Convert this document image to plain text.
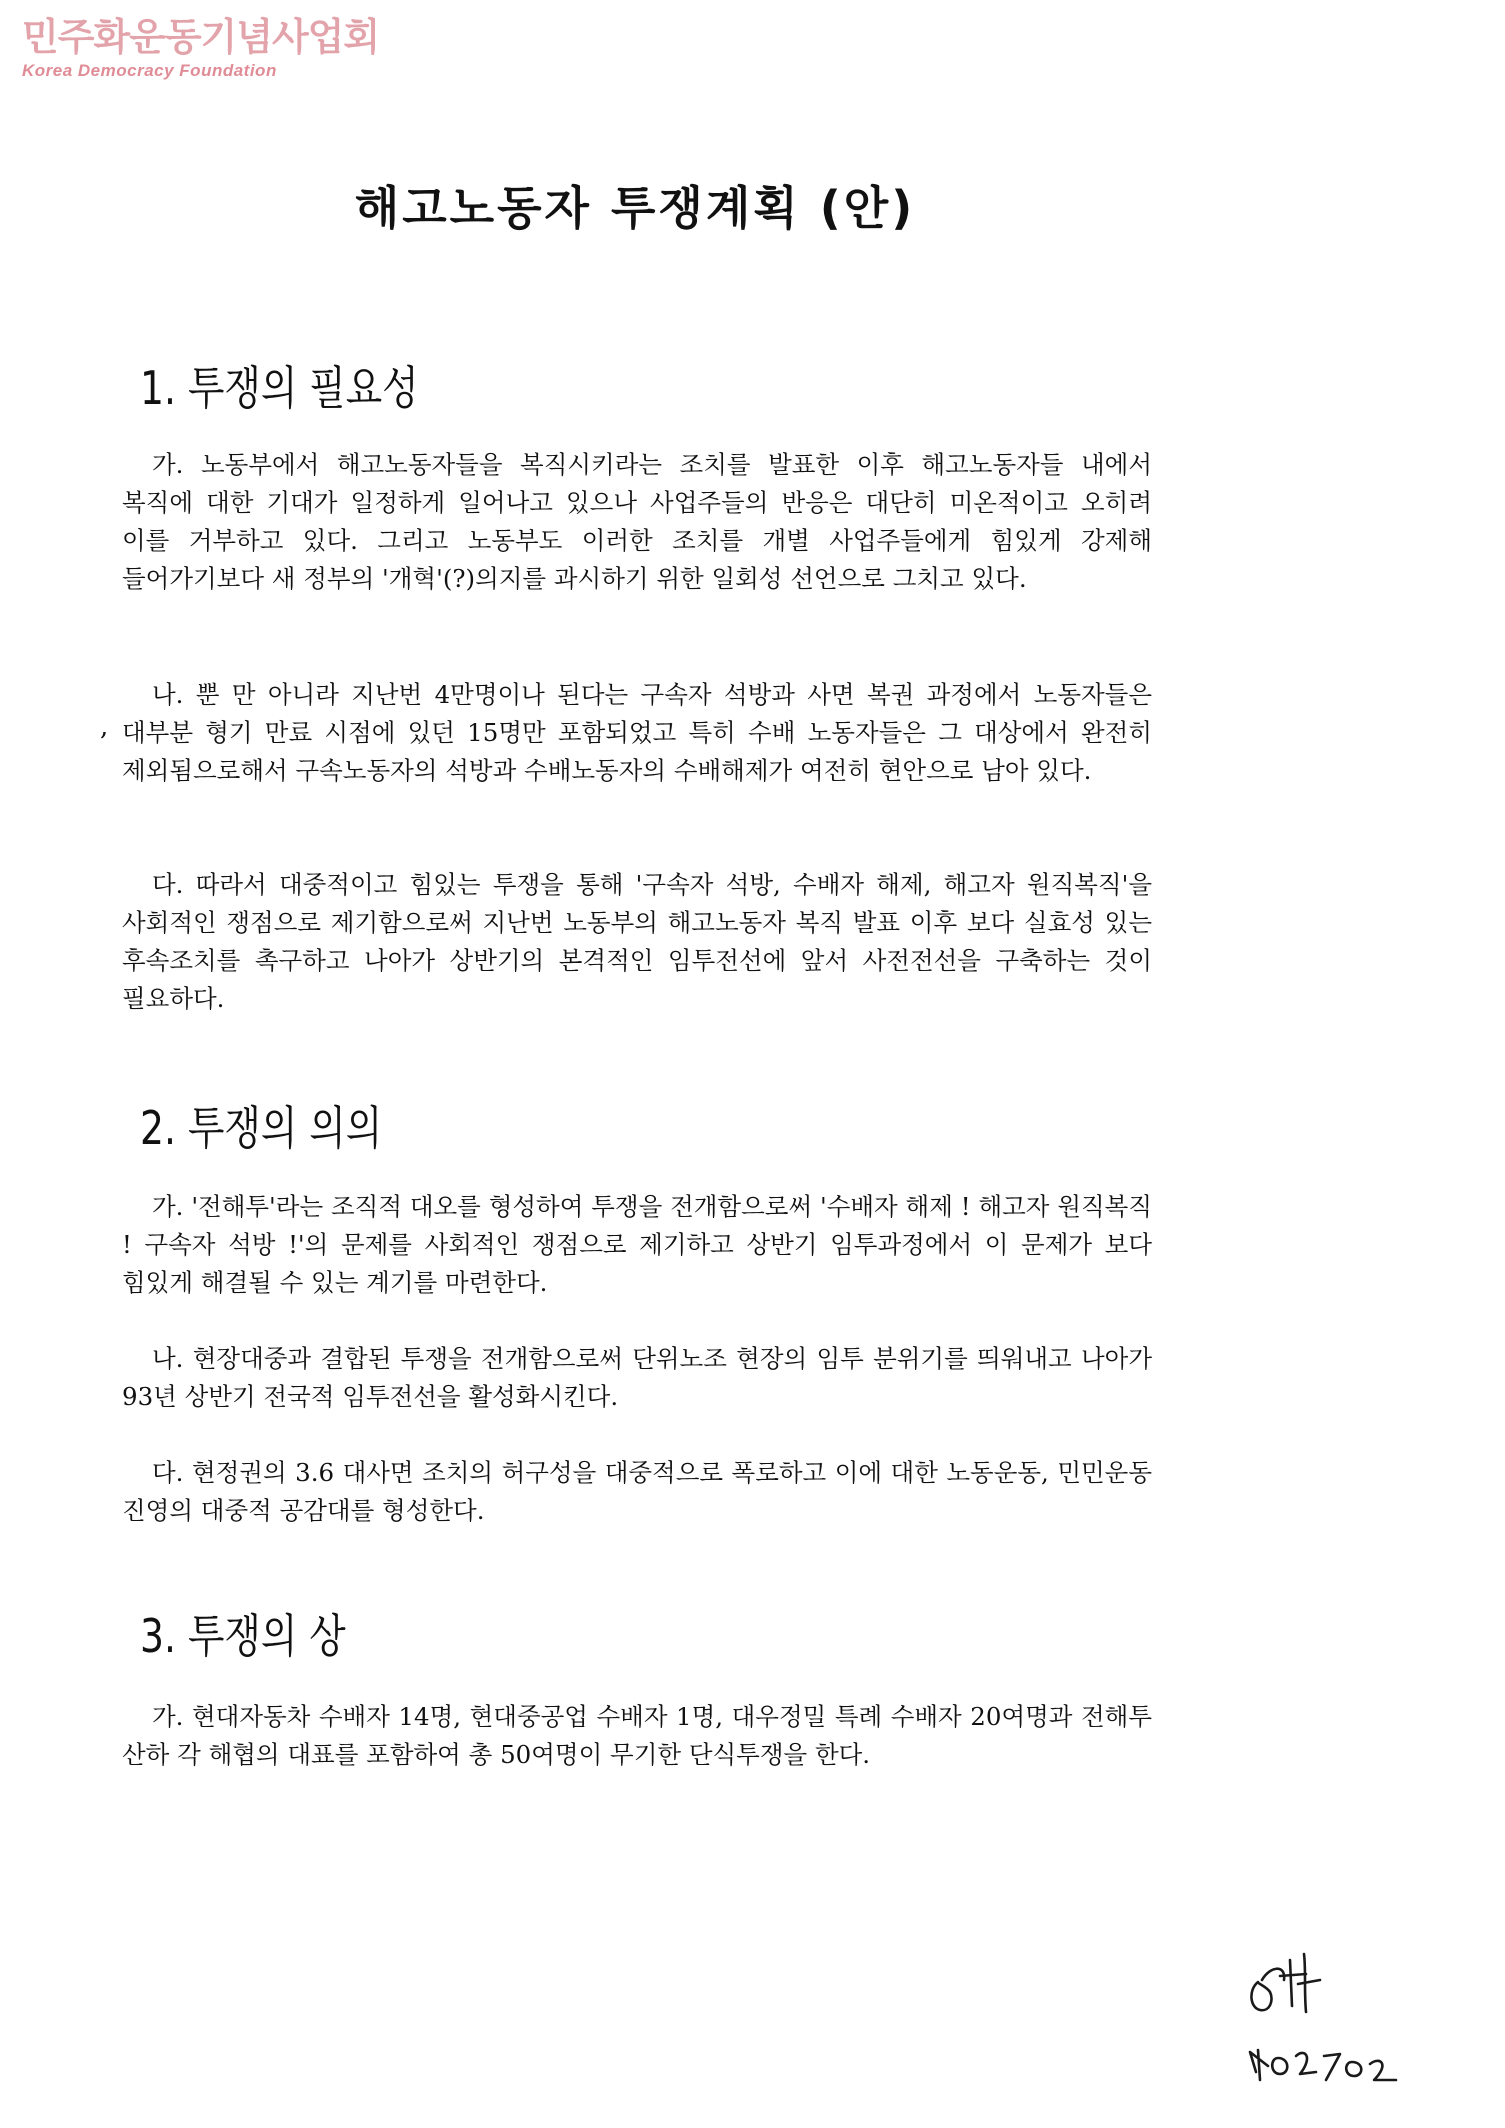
민주화운동기념사업회
Korea Democracy Foundation
해고노동자 투쟁계획 (안)
1. 투쟁의 필요성

가. 노동부에서 해고노동자들을 복직시키라는 조치를 발표한 이후 해고노동자들 내에서 복직에 대한 기대가 일정하게 일어나고 있으나 사업주들의 반응은 대단히 미온적이고 오히려 이를 거부하고 있다. 그리고 노동부도 이러한 조치를 개별 사업주들에게 힘있게 강제해 들어가기보다 새 정부의 '개혁'(?)의지를 과시하기 위한 일회성 선언으로 그치고 있다.

나. 뿐 만 아니라 지난번 4만명이나 된다는 구속자 석방과 사면 복권 과정에서 노동자들은 대부분 형기 만료 시점에 있던 15명만 포함되었고 특히 수배 노동자들은 그 대상에서 완전히 제외됨으로해서 구속노동자의 석방과 수배노동자의 수배해제가 여전히 현안으로 남아 있다.

,

다. 따라서 대중적이고 힘있는 투쟁을 통해 '구속자 석방, 수배자 해제, 해고자 원직복직'을 사회적인 쟁점으로 제기함으로써 지난번 노동부의 해고노동자 복직 발표 이후 보다 실효성 있는 후속조치를 촉구하고 나아가 상반기의 본격적인 임투전선에 앞서 사전전선을 구축하는 것이 필요하다.

2. 투쟁의 의의

가. '전해투'라는 조직적 대오를 형성하여 투쟁을 전개함으로써 '수배자 해제 ! 해고자 원직복직 ! 구속자 석방 !'의 문제를 사회적인 쟁점으로 제기하고 상반기 임투과정에서 이 문제가 보다 힘있게 해결될 수 있는 계기를 마련한다.

나. 현장대중과 결합된 투쟁을 전개함으로써 단위노조 현장의 임투 분위기를 띄워내고 나아가 93년 상반기 전국적 임투전선을 활성화시킨다.

다. 현정권의 3.6 대사면 조치의 허구성을 대중적으로 폭로하고 이에 대한 노동운동, 민민운동 진영의 대중적 공감대를 형성한다.

3. 투쟁의 상

가. 현대자동차 수배자 14명, 현대중공업 수배자 1명, 대우정밀 특례 수배자 20여명과 전해투 산하 각 해협의 대표를 포함하여 총 50여명이 무기한 단식투쟁을 한다.
